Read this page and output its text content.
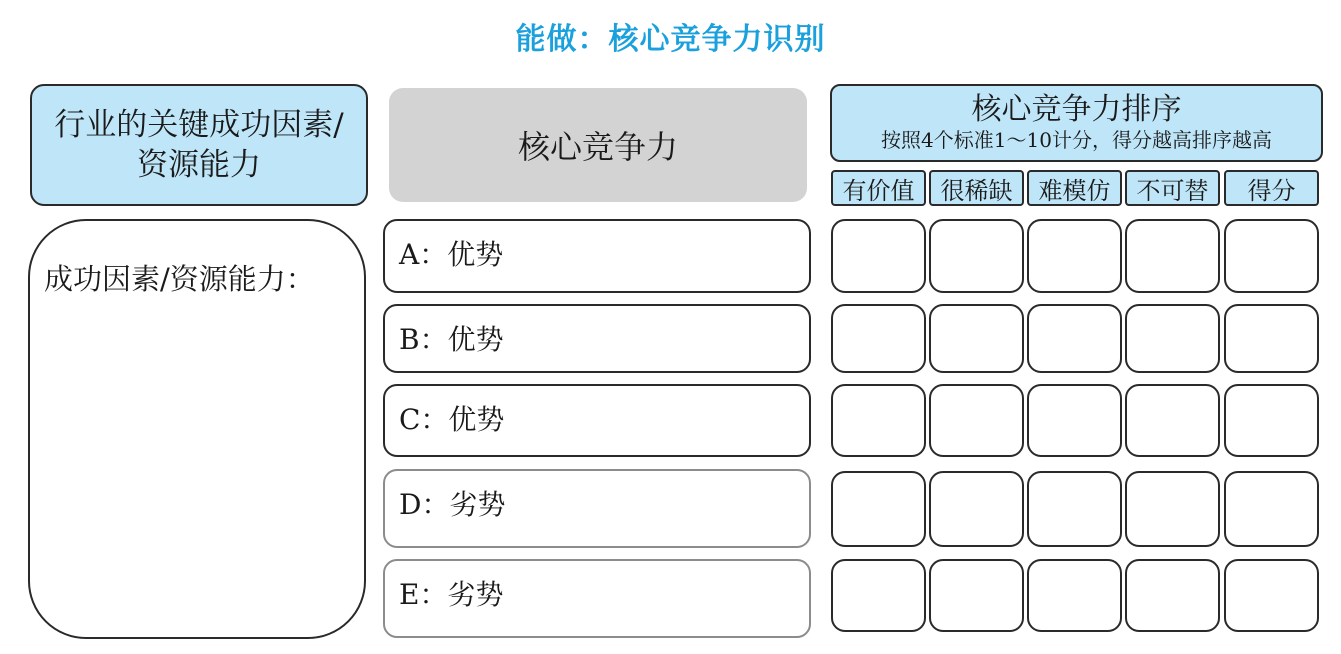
能做：核心竞争力识别
行业的关键成功因素/
资源能力
成功因素/资源能力：
核心竞争力
A：优势
B：优势
C：优势
D：劣势
E：劣势
核心竞争力排序
按照4个标准1～10计分，得分越高排序越高
有价值	很稀缺	难模仿	不可替	得分
